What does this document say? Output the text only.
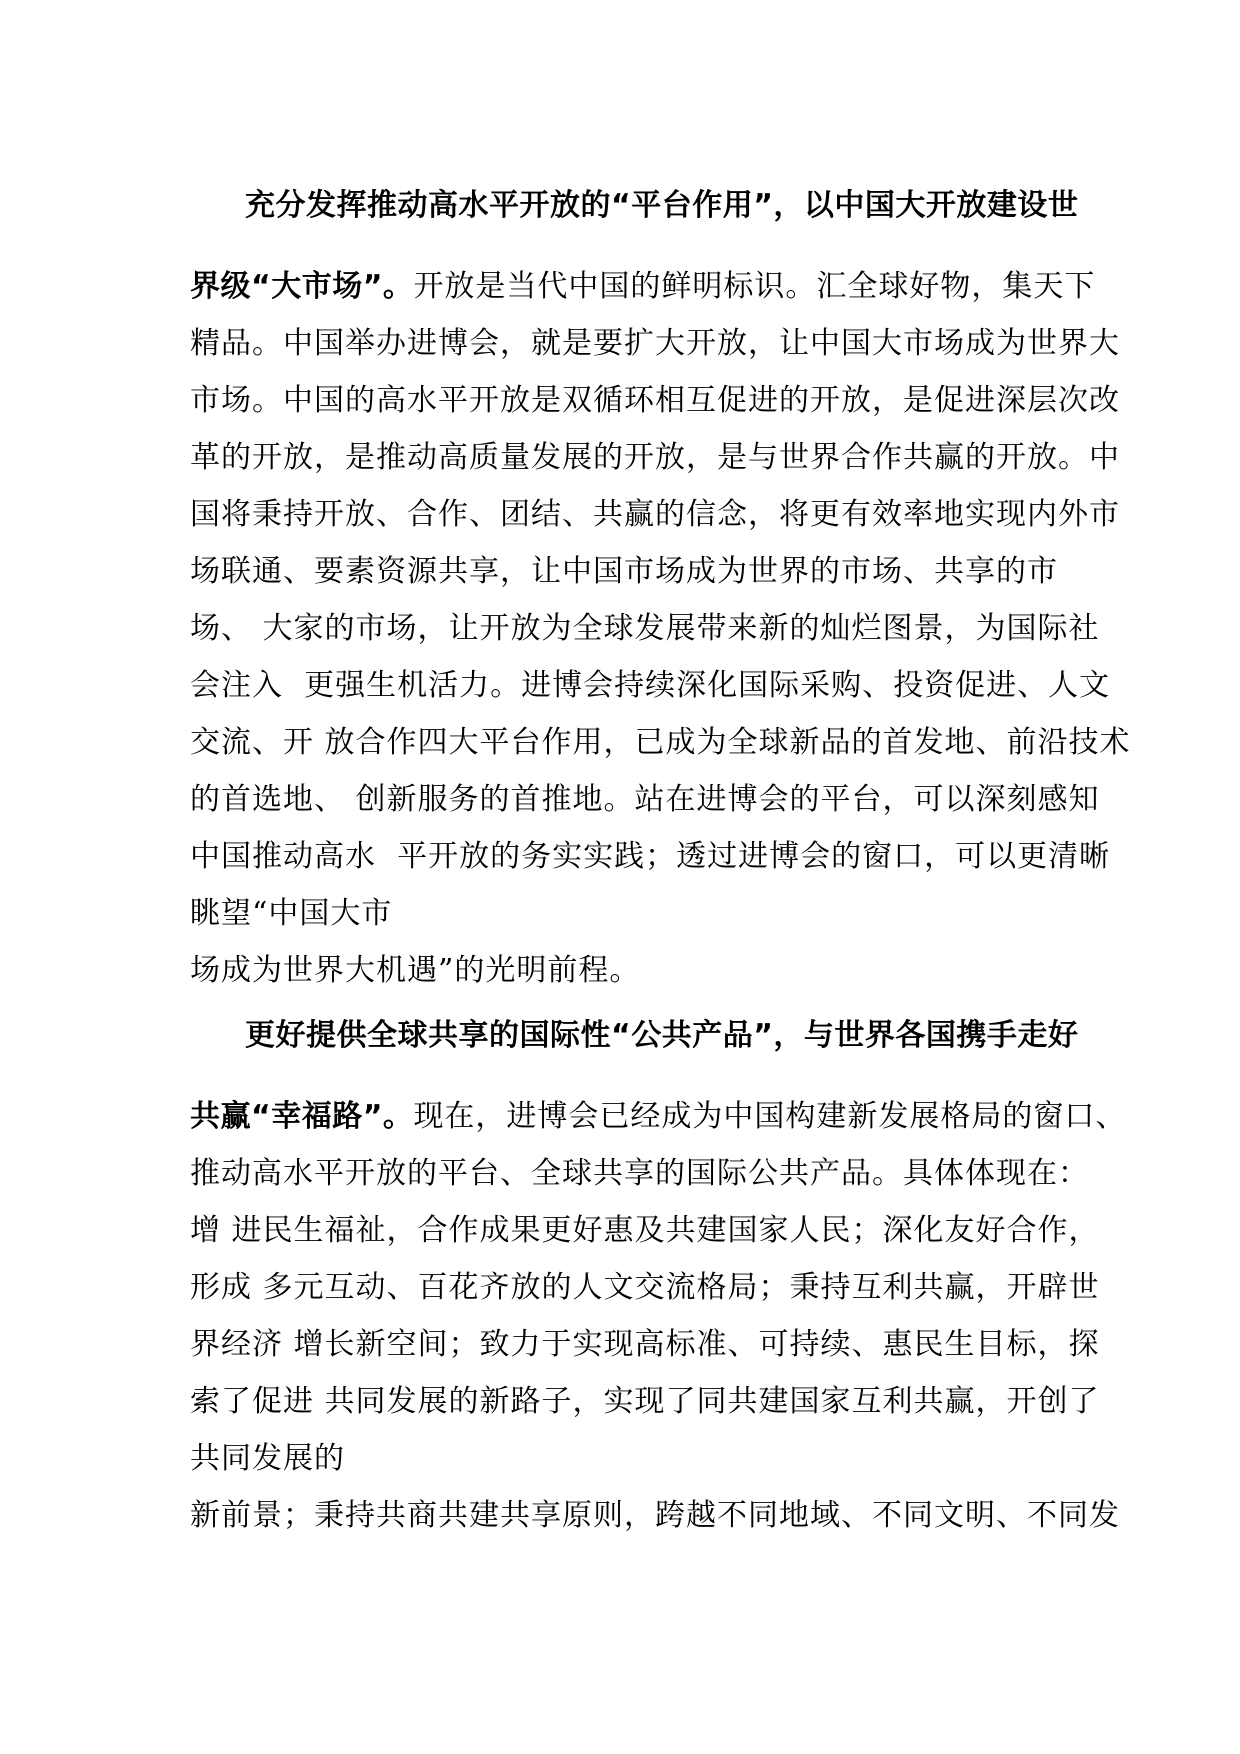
充分发挥推动高水平开放的“平台作用”，以中国大开放建设世
界级“大市场”。开放是当代中国的鲜明标识。汇全球好物，集天下
精品。中国举办进博会，就是要扩大开放，让中国大市场成为世界大
市场。中国的高水平开放是双循环相互促进的开放，是促进深层次改
革的开放，是推动高质量发展的开放，是与世界合作共赢的开放。中
国将秉持开放、合作、团结、共赢的信念，将更有效率地实现内外市
场联通、要素资源共享，让中国市场成为世界的市场、共享的市
场、 大家的市场，让开放为全球发展带来新的灿烂图景，为国际社
会注入  更强生机活力。进博会持续深化国际采购、投资促进、人文
交流、开 放合作四大平台作用，已成为全球新品的首发地、前沿技术
的首选地、 创新服务的首推地。站在进博会的平台，可以深刻感知
中国推动高水  平开放的务实实践；透过进博会的窗口，可以更清晰
眺望“中国大市
场成为世界大机遇”的光明前程。
更好提供全球共享的国际性“公共产品”，与世界各国携手走好
共赢“幸福路”。现在，进博会已经成为中国构建新发展格局的窗口、
推动高水平开放的平台、全球共享的国际公共产品。具体体现在：
增 进民生福祉，合作成果更好惠及共建国家人民；深化友好合作，
形成 多元互动、百花齐放的人文交流格局；秉持互利共赢，开辟世
界经济 增长新空间；致力于实现高标准、可持续、惠民生目标，探
索了促进 共同发展的新路子，实现了同共建国家互利共赢，开创了
共同发展的
新前景；秉持共商共建共享原则，跨越不同地域、不同文明、不同发
